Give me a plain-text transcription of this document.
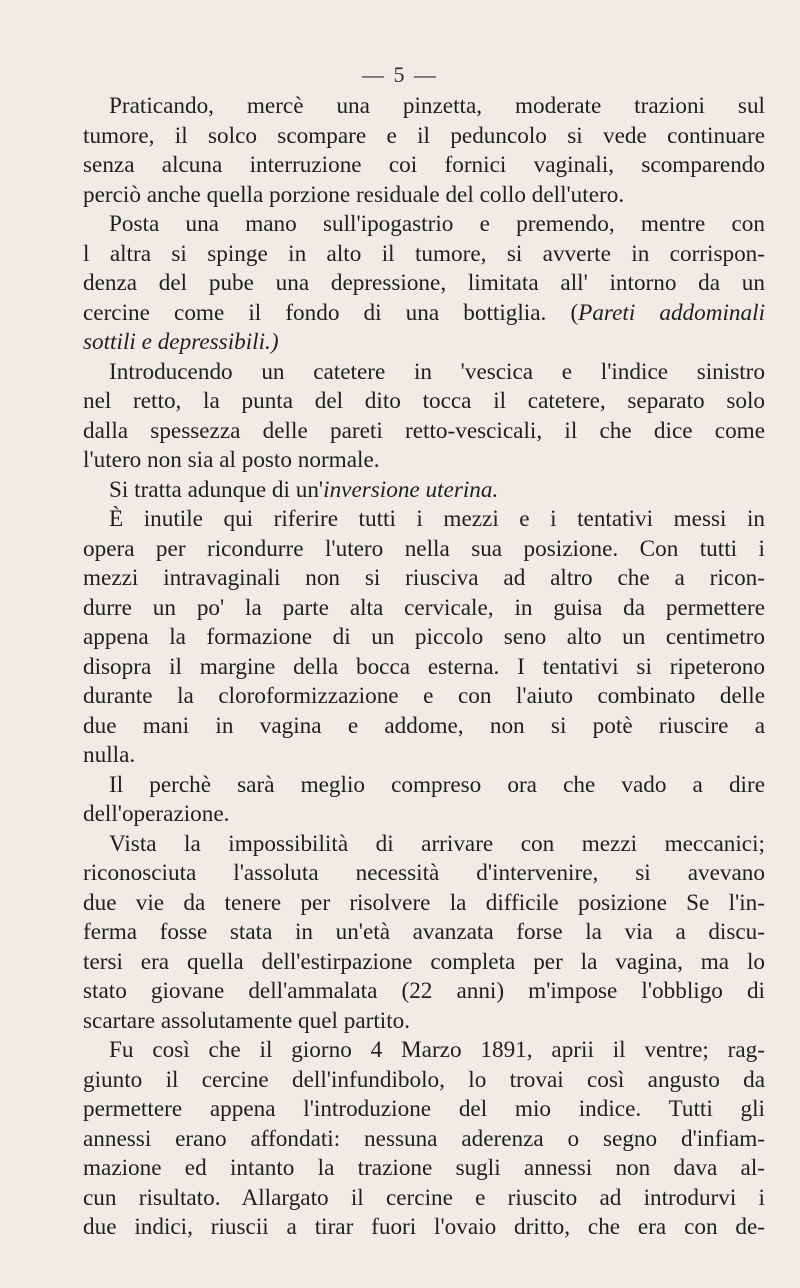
— 5 —
Praticando, mercè una pinzetta, moderate trazioni sul
tumore, il solco scompare e il peduncolo si vede continuare
senza alcuna interruzione coi fornici vaginali, scomparendo
perciò anche quella porzione residuale del collo dell'utero.
Posta una mano sull'ipogastrio e premendo, mentre con
l altra si spinge in alto il tumore, si avverte in corrispon-
denza del pube una depressione, limitata all' intorno da un
cercine come il fondo di una bottiglia. (Pareti addominali
sottili e depressibili.)
Introducendo un catetere in 'vescica e l'indice sinistro
nel retto, la punta del dito tocca il catetere, separato solo
dalla spessezza delle pareti retto-vescicali, il che dice come
l'utero non sia al posto normale.
Si tratta adunque di un'inversione uterina.
È inutile qui riferire tutti i mezzi e i tentativi messi in
opera per ricondurre l'utero nella sua posizione. Con tutti i
mezzi intravaginali non si riusciva ad altro che a ricon-
durre un po' la parte alta cervicale, in guisa da permettere
appena la formazione di un piccolo seno alto un centimetro
disopra il margine della bocca esterna. I tentativi si ripeterono
durante la cloroformizzazione e con l'aiuto combinato delle
due mani in vagina e addome, non si potè riuscire a
nulla.
Il perchè sarà meglio compreso ora che vado a dire
dell'operazione.
Vista la impossibilità di arrivare con mezzi meccanici;
riconosciuta l'assoluta necessità d'intervenire, si avevano
due vie da tenere per risolvere la difficile posizione Se l'in-
ferma fosse stata in un'età avanzata forse la via a discu-
tersi era quella dell'estirpazione completa per la vagina, ma lo
stato giovane dell'ammalata (22 anni) m'impose l'obbligo di
scartare assolutamente quel partito.
Fu così che il giorno 4 Marzo 1891, aprii il ventre; rag-
giunto il cercine dell'infundibolo, lo trovai così angusto da
permettere appena l'introduzione del mio indice. Tutti gli
annessi erano affondati: nessuna aderenza o segno d'infiam-
mazione ed intanto la trazione sugli annessi non dava al-
cun risultato. Allargato il cercine e riuscito ad introdurvi i
due indici, riuscii a tirar fuori l'ovaio dritto, che era con de-
